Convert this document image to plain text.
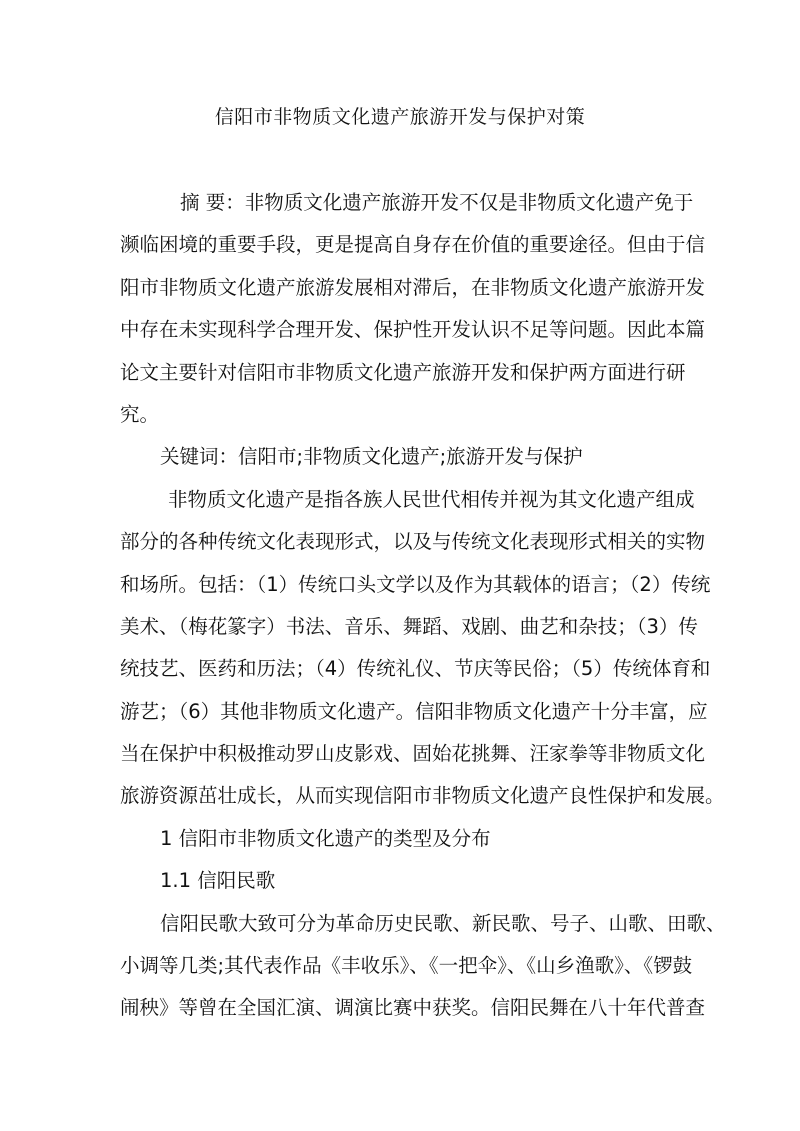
信阳市非物质文化遗产旅游开发与保护对策
摘 要：非物质文化遗产旅游开发不仅是非物质文化遗产免于
濒临困境的重要手段，更是提高自身存在价值的重要途径。但由于信
阳市非物质文化遗产旅游发展相对滞后，在非物质文化遗产旅游开发
中存在未实现科学合理开发、保护性开发认识不足等问题。因此本篇
论文主要针对信阳市非物质文化遗产旅游开发和保护两方面进行研
究。
关键词：信阳市;非物质文化遗产;旅游开发与保护
非物质文化遗产是指各族人民世代相传并视为其文化遗产组成
部分的各种传统文化表现形式，以及与传统文化表现形式相关的实物
和场所。包括：（1）传统口头文学以及作为其载体的语言；（2）传统
美术、（梅花篆字）书法、音乐、舞蹈、戏剧、曲艺和杂技；（3）传
统技艺、医药和历法；（4）传统礼仪、节庆等民俗；（5）传统体育和
游艺；（6）其他非物质文化遗产。信阳非物质文化遗产十分丰富，应
当在保护中积极推动罗山皮影戏、固始花挑舞、汪家拳等非物质文化
旅游资源茁壮成长，从而实现信阳市非物质文化遗产良性保护和发展。
1 信阳市非物质文化遗产的类型及分布
1.1 信阳民歌
信阳民歌大致可分为革命历史民歌、新民歌、号子、山歌、田歌、
小调等几类;其代表作品《丰收乐》、《一把伞》、《山乡渔歌》、《锣鼓
闹秧》等曾在全国汇演、调演比赛中获奖。信阳民舞在八十年代普查
